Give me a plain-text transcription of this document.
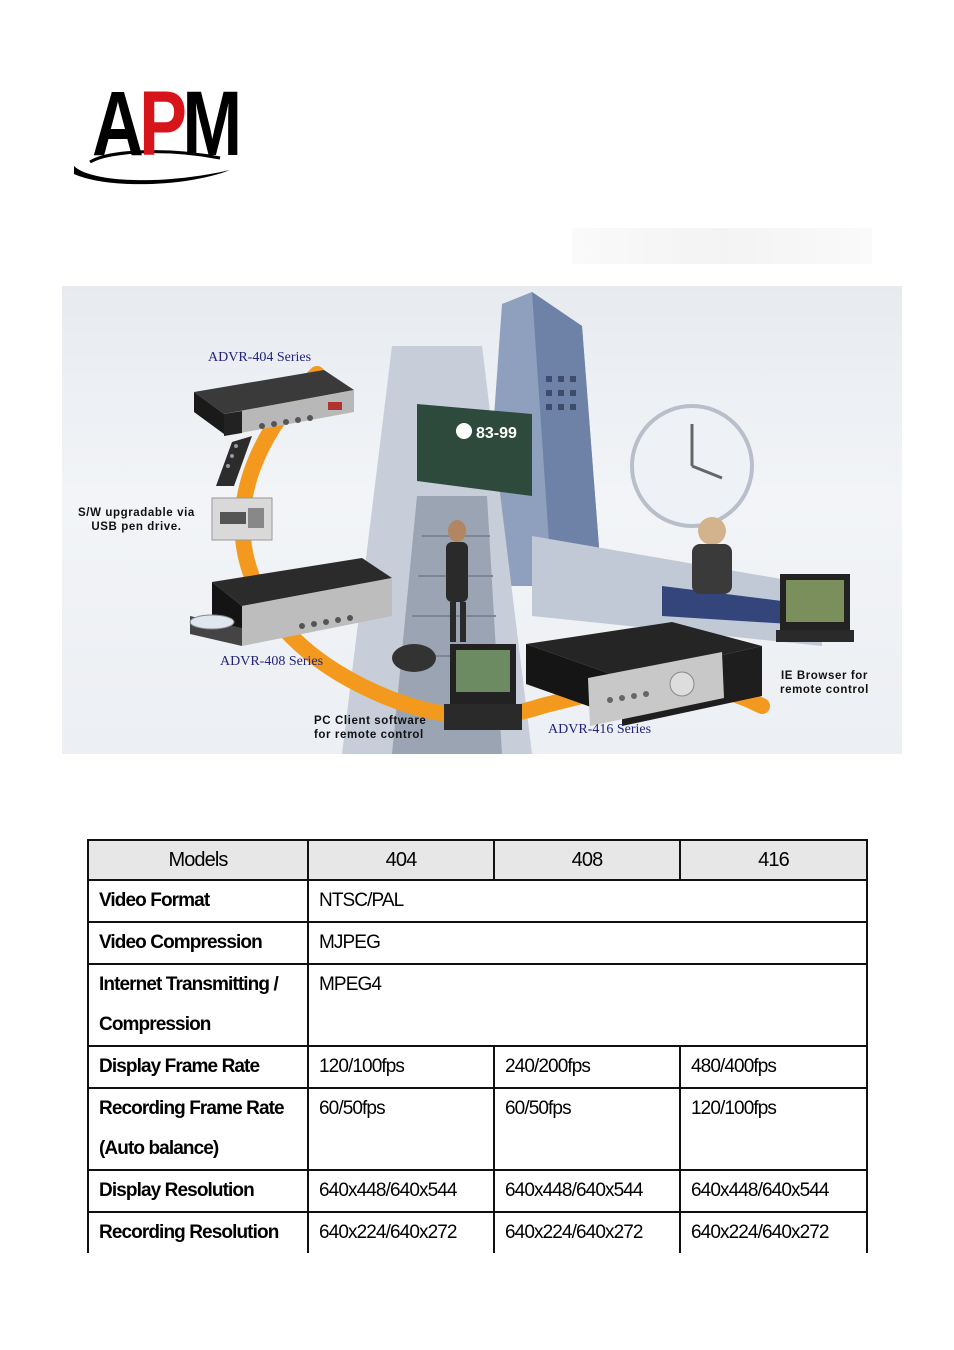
APM
83-99
ADVR-404 Series
ADVR-408 Series
ADVR-416 Series
S/W upgradable via
USB pen drive.
PC Client software
for remote control
IE Browser for
remote control
Models	404	408	416
Video Format	NTSC/PAL		
Video Compression	MJPEG		

Internet Transmitting /
Compression	MPEG4		
Display Frame Rate	120/100fps	240/200fps	480/400fps

Recording Frame Rate
(Auto balance)	60/50fps	60/50fps	120/100fps
Display Resolution	640x448/640x544	640x448/640x544	640x448/640x544
Recording Resolution	640x224/640x272	640x224/640x272	640x224/640x272
